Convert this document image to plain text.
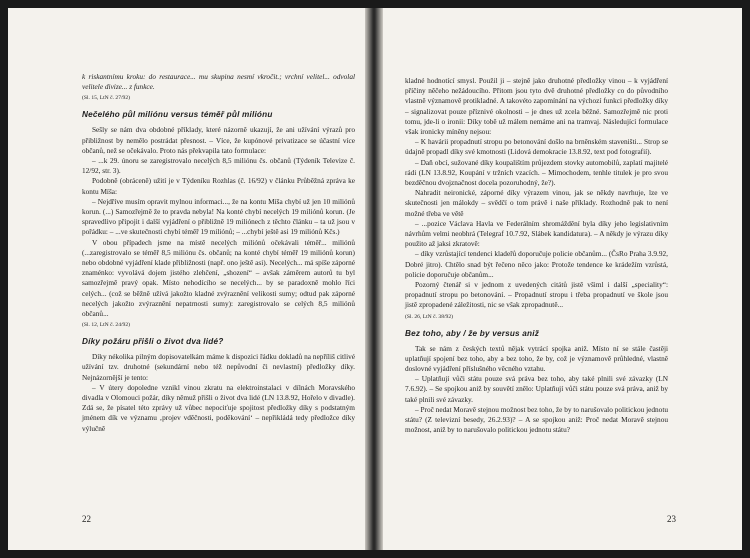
k riskantnímu kroku: do restaurace... mu skupina nesmí vkročit.; vrchní velitel... odvolal velitele divize... z funkce.

(Sl. 15, LtN č. 27/92)

Nečelého půl miliónu versus téměř půl miliónu

Sešly se nám dva obdobné příklady, které názorně ukazují, že ani užívání výrazů pro přibližnost by nemělo postrádat přesnost. – Více, že kupónové privatizace se účastní více občanů, než se očekávalo. Proto nás překvapila tato formulace:

– ...k 29. únoru se zaregistrovalo necelých 8,5 miliónu čs. občanů (Týdeník Televize č. 12/92, str. 3).

Podobně (obráceně) užití je v Týdeníku Rozhlas (č. 16/92) v článku Průběžná zpráva ke kontu Míša:

– Nejdříve musím opravit mylnou informaci..., že na kontu Míša chybí už jen 10 miliónů korun. (...) Samozřejmě že to pravda nebyla! Na konté chybí necelých 19 miliónů korun. (Je spravedlivo připojit i další vyjádření o přibližně 19 miliónech z těchto článku – ta už jsou v pořádku: – ...ve skutečnosti chybí téměř 19 miliónů; – ...chybí ještě asi 19 miliónů Kčs.)

V obou případech jsme na místě necelých miliónů očekávali téměř... miliónů (...zaregistrovalo se téměř 8,5 miliónu čs. občanů; na konté chybí téměř 19 miliónů korun) nebo obdobné vyjádření klade přibližnosti (např. ono ještě asi). Necelých... má spíše záporné znaménko: vyvolává dojem jistého zlehčení, „shození“ – avšak záměrem autorů tu byl samozřejmě pravý opak. Místo nehodícího se necelých... by se paradoxně mohlo říci celých... (což se běžně užívá jakožto kladné zvýraznění velikosti sumy; odtud pak záporné necelých jakožto zvýraznění nepatrnosti sumy): zaregistrovalo se celých 8,5 miliónů občanů...

(Sl. 12, LtN č. 24/92)

Díky požáru přišli o život dva lidé?

Díky nékolika pilným dopisovatelkám máme k dispozici řádku dokladů na nepříliš citlivé užívání tzv. druhotné (sekundární nebo též nepůvodní či nevlastní) předložky díky. Nejnázornější je tento:

– V útery dopoledne vznikl vinou zkratu na elektroinstalaci v dílnách Moravského divadla v Olomouci požár, díky němuž přišli o život dva lidé (LN 13.8.92, Hořelo v divadle). Zdá se, že písatel této zprávy už vůbec nepociťuje spojitost předložky díky s podstatným jménem dík ve významu ‚projev vděčnosti, poděkování‘ – nepřikládá tedy předložce díky výlučně

22

kladné hodnotící smysl. Použil ji – stejně jako druhotné předložky vinou – k vyjádření příčiny něčeho nežádoucího. Přitom jsou tyto dvě druhotné předložky co do původního vlastně významově protikladné. A takovéto zapomínání na výchozí funkci předložky díky – signalizovat pouze příznivé okolnosti – je dnes už zcela běžné. Samozřejmě nic proti tomu, jde-li o ironii: Díky tobě už málem nemáme ani na tramvaj. Následující formulace však ironicky míněny nejsou:

– K havárii propadnutí stropu po betonování došlo na brněnském staveništi... Strop se údajně propadl díky své kmotnosti (Lidová demokracie 13.8.92, text pod fotografií).

– Daň obcí, sužované díky koupalištím průjezdem stovky automobilů, zaplatí majitelé rádi (LN 13.8.92, Koupání v tržních vzacích. – Mimochodem, tenhle titulek je pro svou bezděčnou dvojznačnost docela pozoruhodný, že?).

Nahradit neironické, záporné díky výrazem vinou, jak se někdy navrhuje, lze ve skutečnosti jen málokdy – svědčí o tom právě i naše příklady. Rozhodně pak to není možné třeba ve větě

– ...pozice Václava Havla ve Federálním shromáždění byla díky jeho legislativním návrhům velmi neobhrá (Telegraf 10.7.92, Slábek kandidatura). – A někdy je výrazu díky použito až jaksi zkratově:

– díky vzrůstající tendenci kladeřů doporučuje policie občanům... (ČsRo Praha 3.9.92, Dobré jitro). Chtělo snad být řečeno něco jako: Protože tendence ke krádežím vzrůstá, policie doporučuje občanům...

Pozorný čtenář si v jednom z uvedených citátů jistě všiml i další „speciality“: propadnutí stropu po betonování. – Propadnutí stropu i třeba propadnutí ve škole jsou jistě zpropadené záležitosti, nic se však zpropadnutě...

(Sl. 26, LtN č. 38/92)

Bez toho, aby / že by versus aniž

Tak se nám z českých textů nějak vytrácí spojka aniž. Místo ní se stále častěji uplatňují spojení bez toho, aby a bez toho, že by, což je významově průhledné, vlastně doslovné vyjádření příslušného věcného vztahu.

– Uplatňují vůči státu pouze svá práva bez toho, aby také plnili své závazky (LN 7.6.92). – Se spojkou aniž by souvětí znělo: Uplatňují vůči státu pouze svá práva, aniž by také plnili své závazky.

– Proč nedat Moravě stejnou možnost bez toho, že by to narušovalo politickou jednotu státu? (Z televizní besedy, 26.2.93)? – A se spojkou aniž: Proč nedat Moravě stejnou možnost, aniž by to narušovalo politickou jednotu státu?

23
